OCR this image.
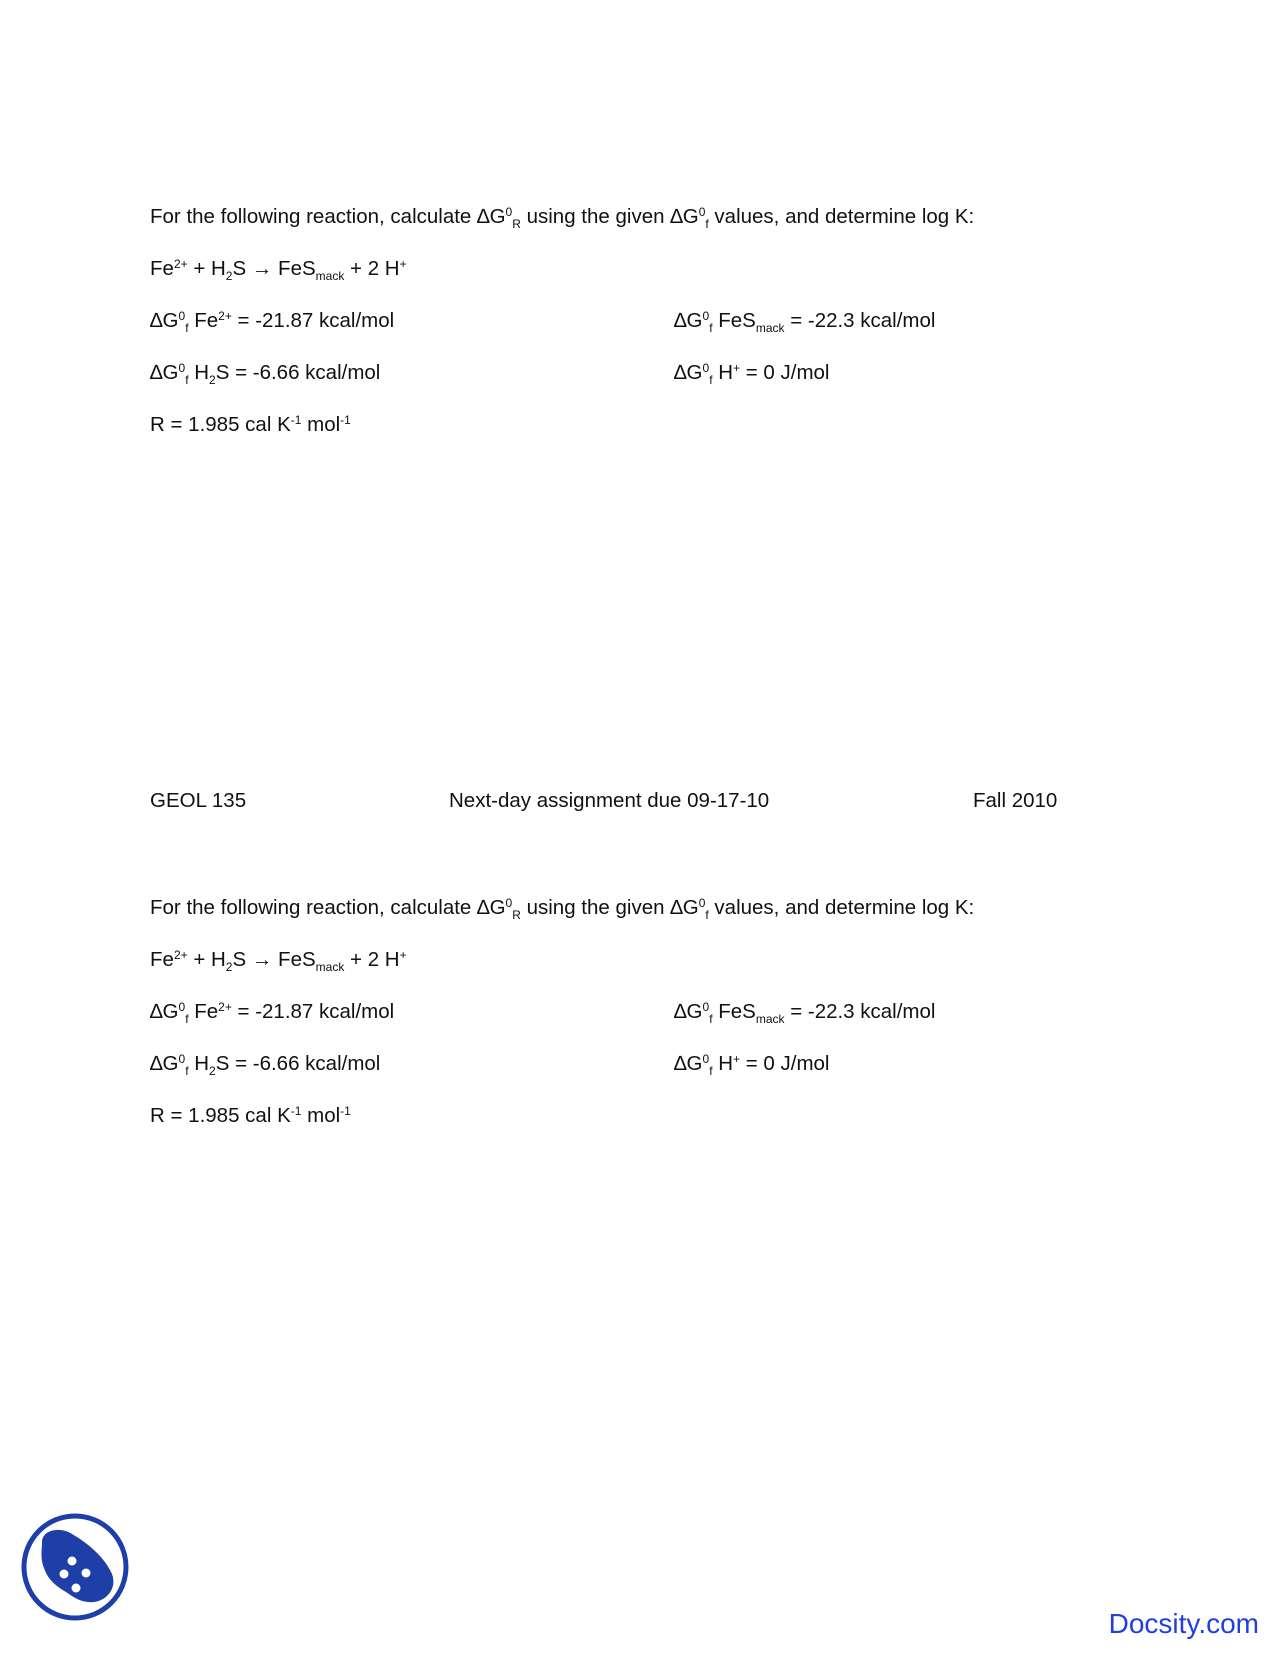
For the following reaction, calculate $\Delta G^0_R$ using the given $\Delta G^0_f$ values, and determine log K:
$Fe^{2+} + H_2S \to FeS_{mack} + 2$ H+
$\Delta G^0_f$ $Fe^{2+} = -21.87$ kcal/mol	$\Delta G^0_f$ FeS$_{mack}$ = -22.3 kcal/mol
$\Delta G^0_f$ $H_2S = -6.66$ kcal/mol	$\Delta G^0_f$ H+ = 0 J/mol
R = 1.985 cal $K^{-1}$ mol$^{-1}$
GEOL 135	Next-day assignment due 09-17-10	Fall 2010
For the following reaction, calculate $\Delta G^0_R$ using the given $\Delta G^0_f$ values, and determine log K:
$Fe^{2+} + H_2S \to FeS_{mack} + 2$ H+
$\Delta G^0_f$ $Fe^{2+} = -21.87$ kcal/mol	$\Delta G^0_f$ FeS$_{mack}$ = -22.3 kcal/mol
$\Delta G^0_f$ $H_2S = -6.66$ kcal/mol	$\Delta G^0_f$ H+ = 0 J/mol
R = 1.985 cal $K^{-1}$ mol$^{-1}$
Docsity.com
